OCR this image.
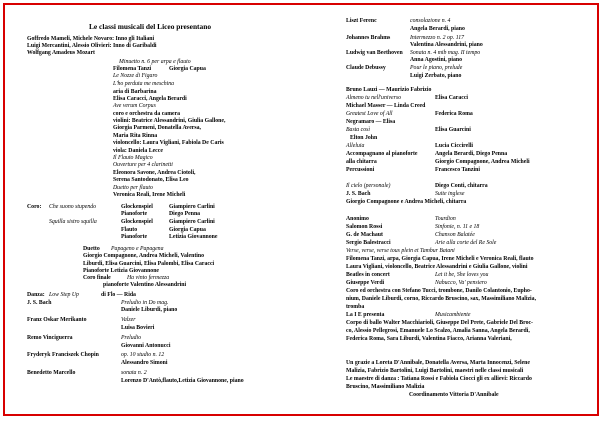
Le classi musicali del Liceo presentano
Goffredo Mameli, Michele Novaro: Inno gli Italiani
Luigi Mercantini, Alessio Olivieri: Inno di Garibaldi
Wolfgang Amadeus Mozart
Minuetto n. 6 per arpa e flauto
Filomena Tanzi	Giorgia Capua
Le Nozze di Figaro
L'ho perduta me meschina
aria di Barbarina
Elisa Caracci, Angela Berardi
Ave verum Corpus
coro e orchestra da camera
violini: Beatrice Alessandrini, Giulia Gallone,
Giorgia Parmeni, Donatella Aversa,
Maria Rita Rinna
violoncello: Laura Vigliani, Fabiola De Caris
viola: Daniela Lecce
Il Flauto Magico
Ouverture per 4 clarinetti
Eleonora Savone, Andrea Ciotoli,
Serena Santodonato, Elisa Leo
Duetto per flauto
Veronica Reali, Irene Micheli
Coro: Che suono stupendo	Glockenspiel	Giampiero Carlini
Pianoforte	Diego Penna
Squilla sistro squilla	Glockenspiel	Giampiero Carlini
Flauto	Giorgia Capua
Pianoforte	Letizia Giovannone
Duetto Papageno e Papagena
Giorgio Compagnone, Andrea Micheli, Valentino
Liburdi, Elisa Guarcini, Elisa Palombi, Elisa Caracci
Pianoforte Letizia Giovannone
Coro finale	Ha vinto fermezza
pianoforte Valentino Alessandrini
Danza: Low Step Up	di Flo — Rida
J. S. Bach	Preludio in Do mag.
Daniele Liburdi, piano
Franz Oskar Merikanto	Valzer
Luisa Bovieri
Remo Vinciguerra	Preludio
Giovanni Antonucci
Fryderyk Franciszek Chopin	op. 10 studio n. 12
Alessandro Simoni
Benedetto Marcello	sonata n. 2
Lorenzo D'Antò,flauto,Letizia Giovannone, piano
Liszt Ferenc	consolazione n. 4
Angela Berardi, piano
Johannes Brahms	Intermezzo n. 2 op. 117
Valentina Alessandrini, piano
Ludwig van Beethoven Sonata n. 4 mib mag. II tempo
Anna Agostini, piano
Claude Debussy	Pour le piano, prelude
Luigi Zerbato, piano
Bruno Lauzi — Maurizio Fabrizio
Almeno tu nell'universo	Elisa Caracci
Michael Masser — Linda Creed
Greatest Love of All	Federica Roma
Negramaro — Elisa
Basta così	Elisa Guarcini
Elton John
Alleluia	Lucia Ciccirelli
Accompagnano al pianoforte	Angela Berardi, Diego Penna
alla chitarra	Giorgio Compagnone, Andrea Micheli
Percussioni	Francesco Tanzini
Il cielo (personale)	Diego Conti, chitarra
J. S. Bach	Suite inglese
Giorgio Compagnone e Andrea Micheli, chitarra
Anonimo	Tourdion
Salomon Rossi	Sinfonie, n. 11 e 18
G. de Machaut	Chanson Balatée
Sergio Balestracci	Arie alla corte del Re Sole
Verse, verse, verse tous plein et Tambur Batani
Filomena Tanzi, arpa, Giorgia Capua, Irene Micheli e Veronica Reali, flauto
Laura Vigliani, violoncello, Beatrice Alessandrini e Giulia Gallone, violini
Beatles in concert	Let it be, She loves you
Giuseppe Verdi	Nabucco, Va' pensiero
Coro ed orchestra con Stefano Tucci, trombone, Danilo Colantonio, Eupho-
nium, Daniele Liburdi, corno, Riccardo Bruscino, sax, Massimiliano Malizia,
tromba
La I E presenta	Musicambiente
Corpo di ballo Walter Macchiarioli, Giuseppe Del Prete, Gabriele Del Broc-
co, Alessio Pellegrosi, Emanuele Lo Scalzo, Amalia Sanna, Angela Berardi,
Federica Roma, Sara Liburdi, Valentina Fiacco, Arianna Valeriani,
Un grazie a Loreta D'Annibale, Donatella Aversa, Marta Innocenzi, Selene
Malizia, Fabrizio Bartolini, Luigi Bartolini, maestri nelle classi musicali
Le maestre di danza : Tatiana Rossi e Fabiola Ciocci gli ex allievi: Riccardo
Bruscino, Massimiliano Malizia
Coordinamento Vittoria D'Annibale
